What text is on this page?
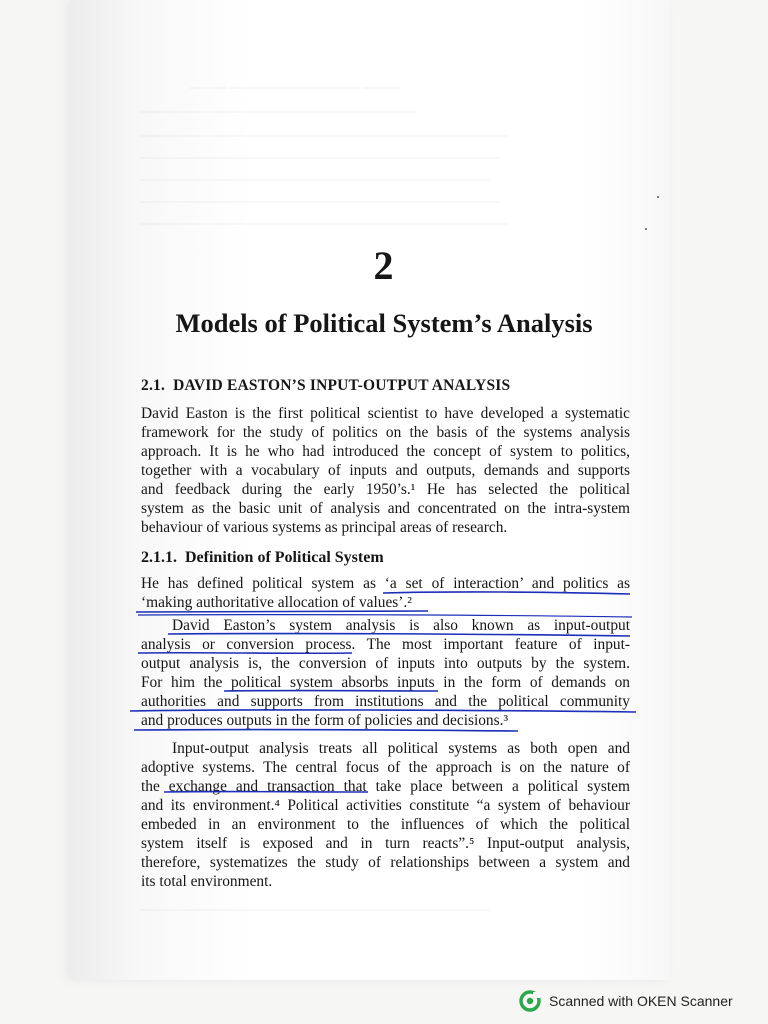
──── ────────────── ────
──────────────────────────────
────────────────────────────────────────
───────────────────────────────────────
──────────────────────────────────────
───────────────────────────────────────
────────────────────────────────────────
──────────────────────────────────────
2
Models of Political System’s Analysis
2.1. DAVID EASTON’S INPUT-OUTPUT ANALYSIS
David Easton is the first political scientist to have developed a systematic
framework for the study of politics on the basis of the systems analysis
approach. It is he who had introduced the concept of system to politics,
together with a vocabulary of inputs and outputs, demands and supports
and feedback during the early 1950’s.¹ He has selected the political
system as the basic unit of analysis and concentrated on the intra-system
behaviour of various systems as principal areas of research.
2.1.1. Definition of Political System
He has defined political system as ‘a set of interaction’ and politics as
‘making authoritative allocation of values’.²
David Easton’s system analysis is also known as input-output
analysis or conversion process. The most important feature of input-
output analysis is, the conversion of inputs into outputs by the system.
For him the political system absorbs inputs in the form of demands on
authorities and supports from institutions and the political community
and produces outputs in the form of policies and decisions.³
Input-output analysis treats all political systems as both open and
adoptive systems. The central focus of the approach is on the nature of
the exchange and transaction that take place between a political system
and its environment.⁴ Political activities constitute “a system of behaviour
embeded in an environment to the influences of which the political
system itself is exposed and in turn reacts”.⁵ Input-output analysis,
therefore, systematizes the study of relationships between a system and
its total environment.
Scanned with OKEN Scanner
